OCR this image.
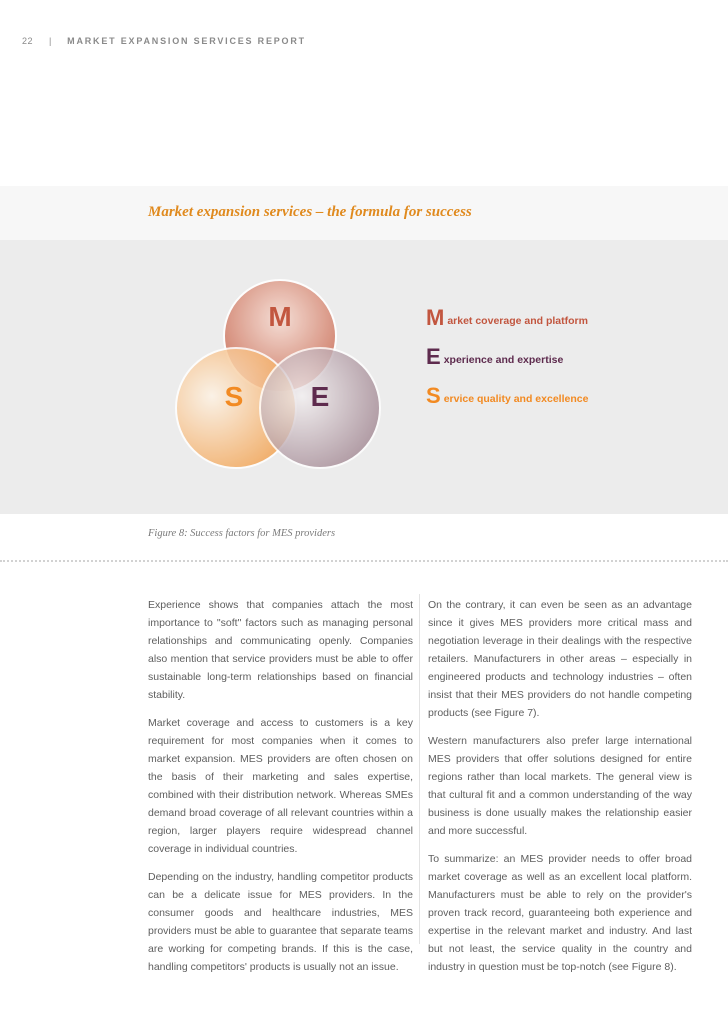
22 | MARKET EXPANSION SERVICES REPORT
Market expansion services – the formula for success
M
S E
M arket coverage and platform
E xperience and expertise
S ervice quality and excellence
Figure 8: Success factors for MES providers

Experience shows that companies attach the most importance to "soft" factors such as managing personal relationships and communicating openly. Companies also mention that service providers must be able to offer sustainable long-term relationships based on financial stability.

Market coverage and access to customers is a key requirement for most companies when it comes to market expansion. MES providers are often chosen on the basis of their marketing and sales expertise, combined with their distribution network. Whereas SMEs demand broad coverage of all relevant countries within a region, larger players require widespread channel coverage in individual countries.

Depending on the industry, handling competitor products can be a delicate issue for MES providers. In the consumer goods and healthcare industries, MES providers must be able to guarantee that separate teams are working for competing brands. If this is the case, handling competitors' products is usually not an issue.

On the contrary, it can even be seen as an advantage since it gives MES providers more critical mass and negotiation leverage in their dealings with the respective retailers. Manufacturers in other areas – especially in engineered products and technology industries – often insist that their MES providers do not handle competing products (see Figure 7).

Western manufacturers also prefer large international MES providers that offer solutions designed for entire regions rather than local markets. The general view is that cultural fit and a common understanding of the way business is done usually makes the relationship easier and more successful.

To summarize: an MES provider needs to offer broad market coverage as well as an excellent local platform. Manufacturers must be able to rely on the provider's proven track record, guaranteeing both experience and expertise in the relevant market and industry. And last but not least, the service quality in the country and industry in question must be top-notch (see Figure 8).
